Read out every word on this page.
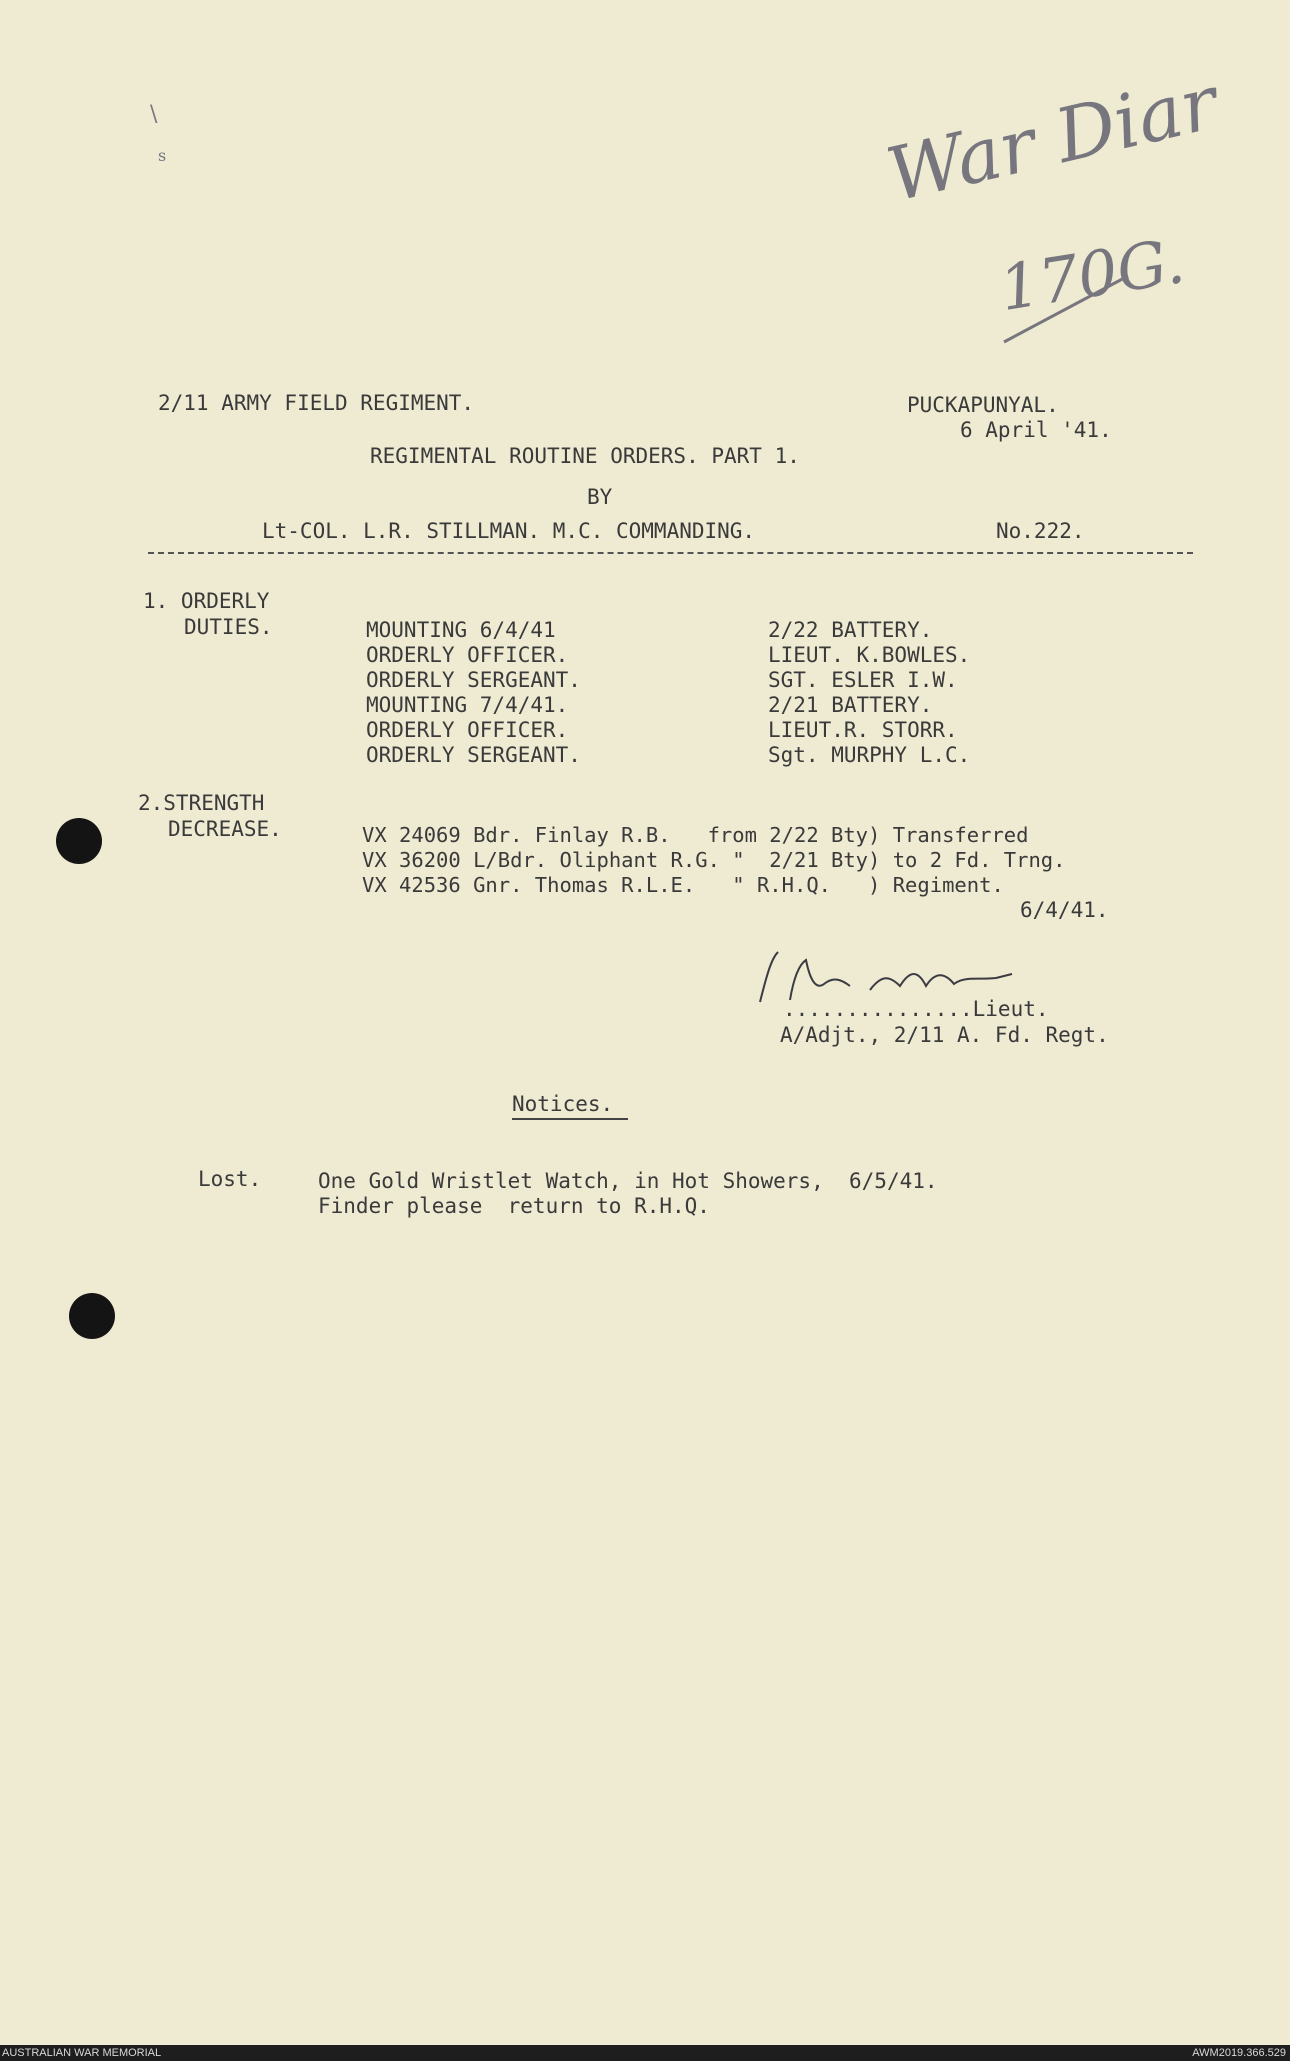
\
s	War Diar
170G.
2/11 ARMY FIELD REGIMENT.	PUCKAPUNYAL.
6 April '41.
REGIMENTAL ROUTINE ORDERS. PART 1.
BY
Lt-COL. L.R. STILLMAN. M.C. COMMANDING.	No.222.
1. ORDERLY
DUTIES.	MOUNTING 6/4/41	2/22 BATTERY.
ORDERLY OFFICER.	LIEUT. K.BOWLES.
ORDERLY SERGEANT.	SGT. ESLER I.W.
MOUNTING 7/4/41.	2/21 BATTERY.
ORDERLY OFFICER.	LIEUT.R. STORR.
ORDERLY SERGEANT.	Sgt. MURPHY L.C.
2.STRENGTH
DECREASE.	VX 24069 Bdr. Finlay R.B.   from 2/22 Bty) Transferred
VX 36200 L/Bdr. Oliphant R.G. "  2/21 Bty) to 2 Fd. Trng.
VX 42536 Gnr. Thomas R.L.E.   " R.H.Q.   ) Regiment.
6/4/41.
...............Lieut.
A/Adjt., 2/11 A. Fd. Regt.
Notices.
Lost.	One Gold Wristlet Watch, in Hot Showers,  6/5/41.
Finder please  return to R.H.Q.
AUSTRALIAN WAR MEMORIAL	AWM2019.366.529
